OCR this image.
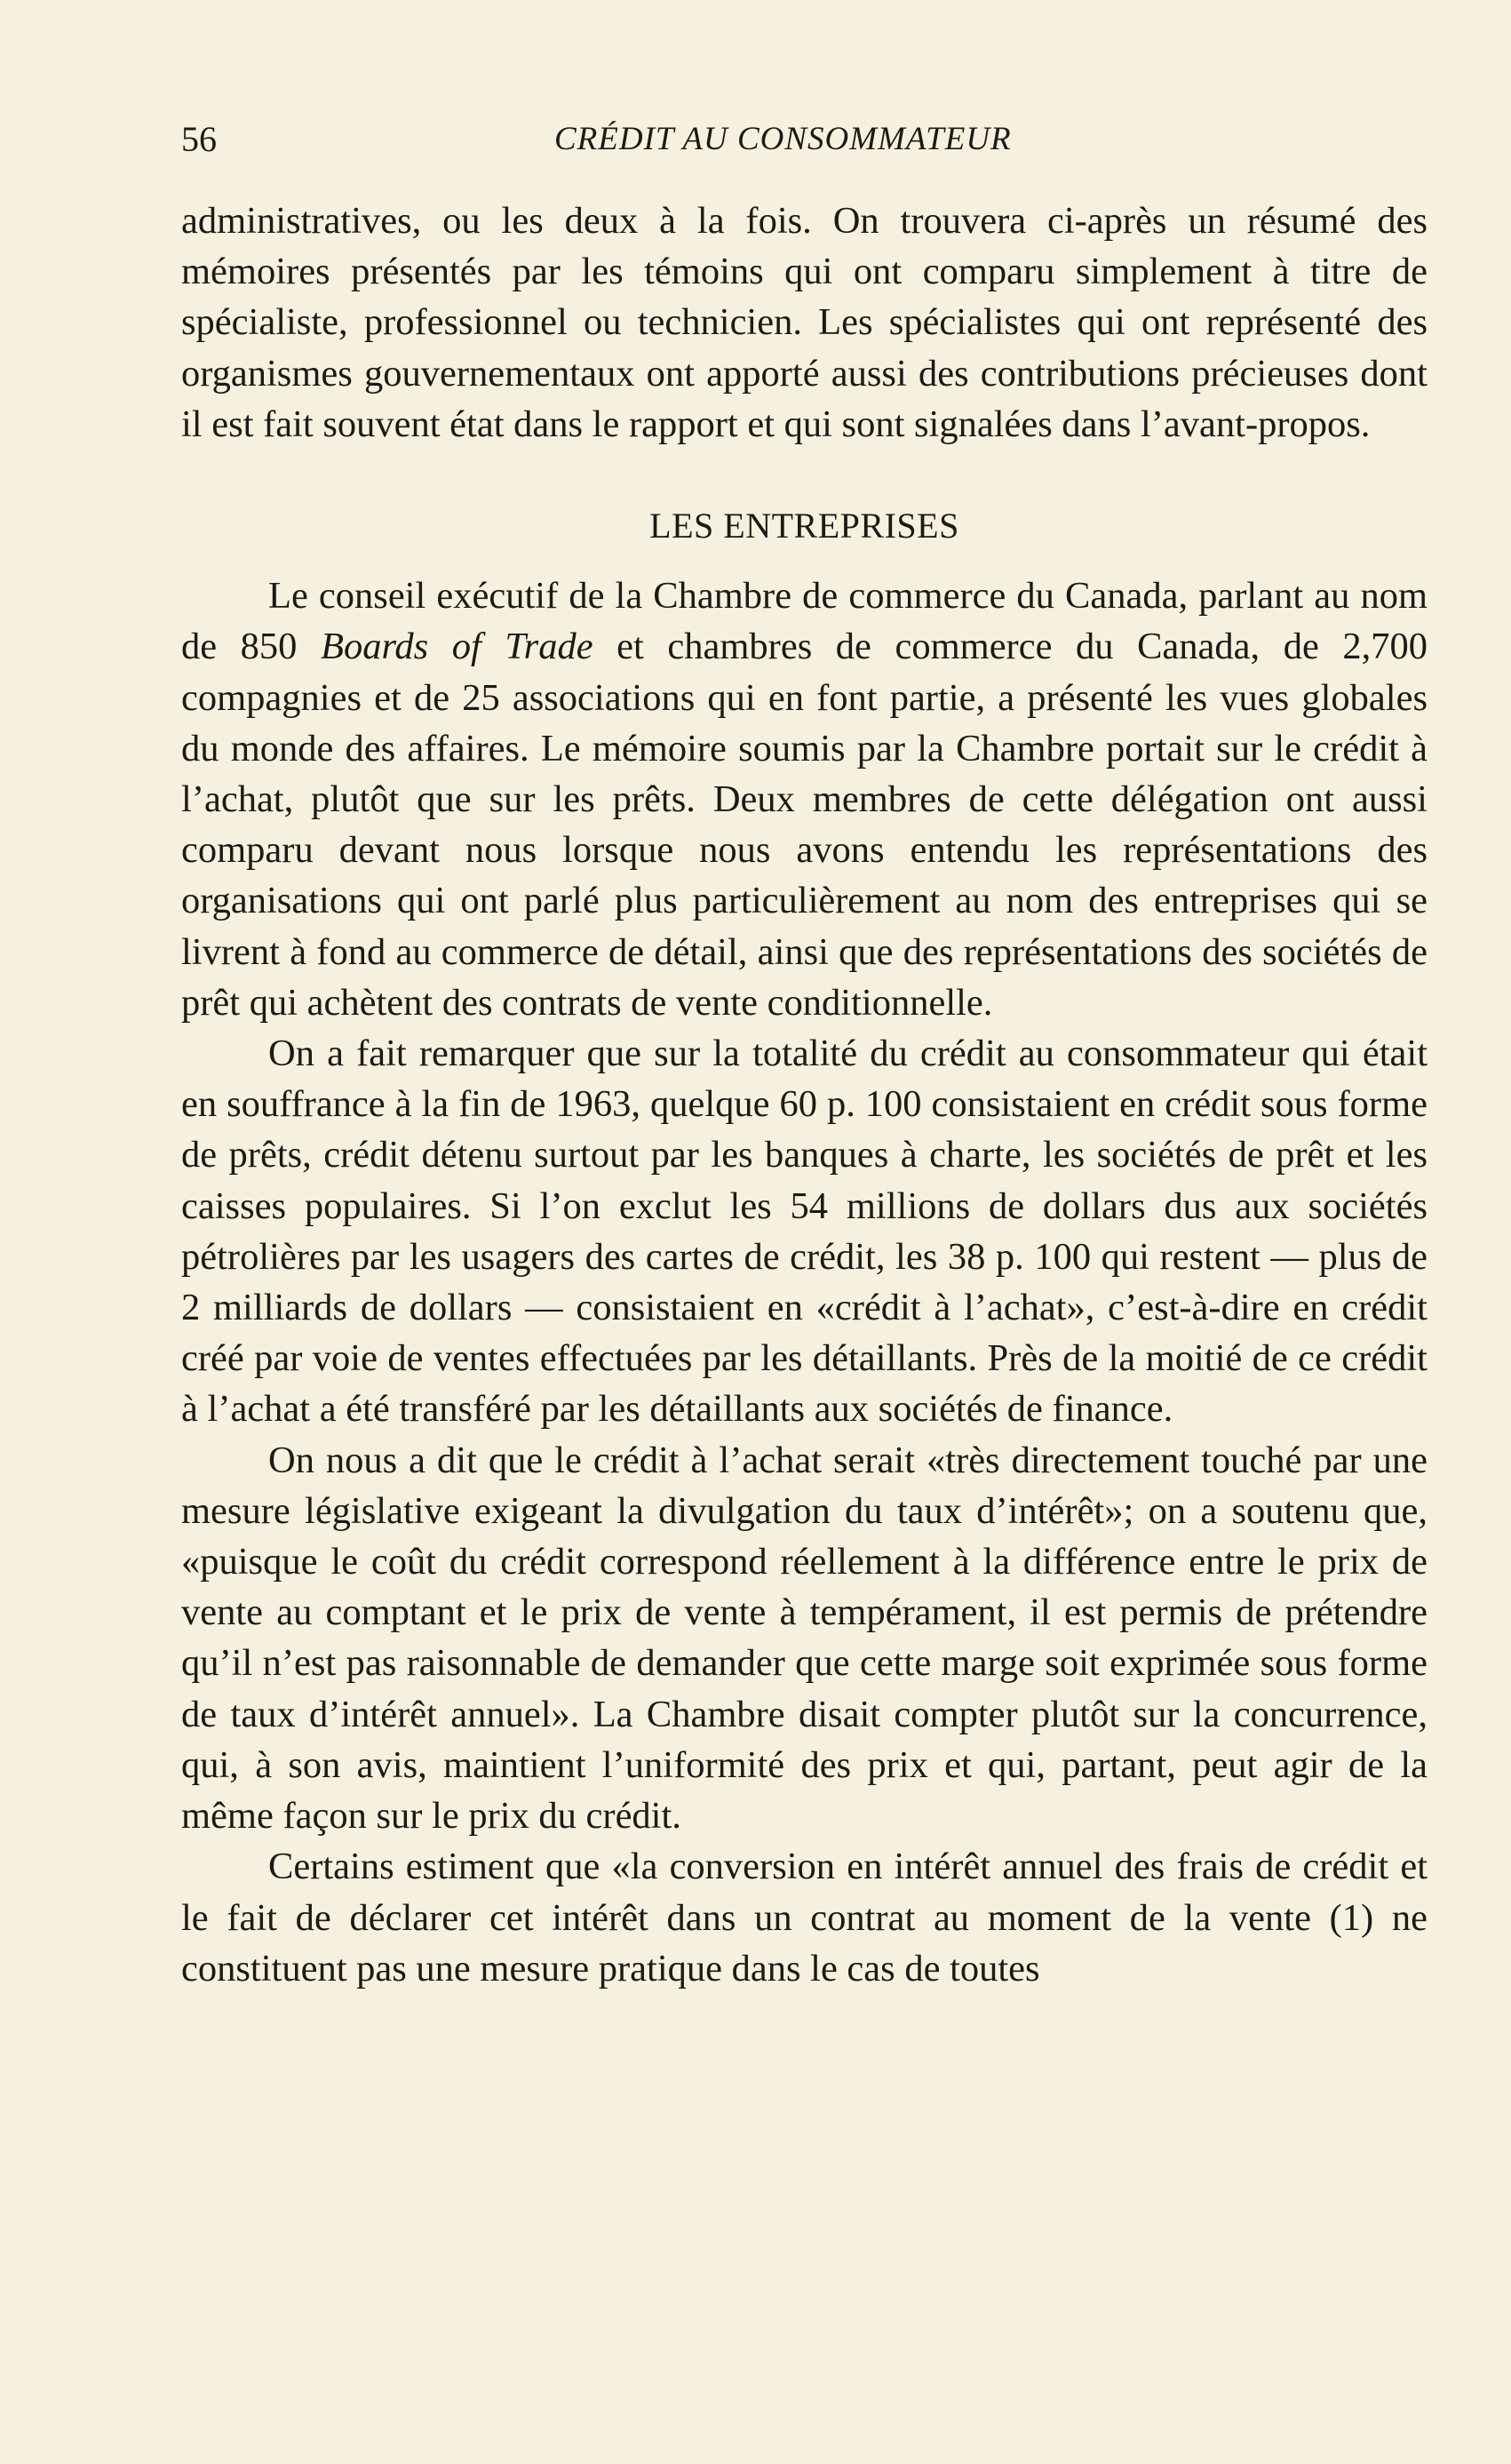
56	CRÉDIT AU CONSOMMATEUR

administratives, ou les deux à la fois. On trouvera ci-après un résumé des mémoires présentés par les témoins qui ont comparu simplement à titre de spécialiste, professionnel ou technicien. Les spécialistes qui ont représenté des organismes gouvernementaux ont apporté aussi des contributions précieuses dont il est fait souvent état dans le rapport et qui sont signalées dans l’avant-propos.

LES ENTREPRISES

Le conseil exécutif de la Chambre de commerce du Canada, parlant au nom de 850 Boards of Trade et chambres de commerce du Canada, de 2,700 compagnies et de 25 associations qui en font partie, a présenté les vues globales du monde des affaires. Le mémoire soumis par la Chambre portait sur le crédit à l’achat, plutôt que sur les prêts. Deux membres de cette délégation ont aussi comparu devant nous lorsque nous avons entendu les représentations des organisations qui ont parlé plus particulièrement au nom des entreprises qui se livrent à fond au commerce de détail, ainsi que des représentations des sociétés de prêt qui achètent des contrats de vente conditionnelle.

On a fait remarquer que sur la totalité du crédit au consommateur qui était en souffrance à la fin de 1963, quelque 60 p. 100 consistaient en crédit sous forme de prêts, crédit détenu surtout par les banques à charte, les sociétés de prêt et les caisses populaires. Si l’on exclut les 54 millions de dollars dus aux sociétés pétrolières par les usagers des cartes de crédit, les 38 p. 100 qui restent — plus de 2 milliards de dollars — consistaient en «crédit à l’achat», c’est-à-dire en crédit créé par voie de ventes effectuées par les détaillants. Près de la moitié de ce crédit à l’achat a été transféré par les détaillants aux sociétés de finance.

On nous a dit que le crédit à l’achat serait «très directement touché par une mesure législative exigeant la divulgation du taux d’intérêt»; on a soutenu que, «puisque le coût du crédit correspond réellement à la différence entre le prix de vente au comptant et le prix de vente à tempérament, il est permis de prétendre qu’il n’est pas raisonnable de demander que cette marge soit exprimée sous forme de taux d’intérêt annuel». La Chambre disait compter plutôt sur la concurrence, qui, à son avis, maintient l’uniformité des prix et qui, partant, peut agir de la même façon sur le prix du crédit.

Certains estiment que «la conversion en intérêt annuel des frais de crédit et le fait de déclarer cet intérêt dans un contrat au moment de la vente (1) ne constituent pas une mesure pratique dans le cas de toutes
